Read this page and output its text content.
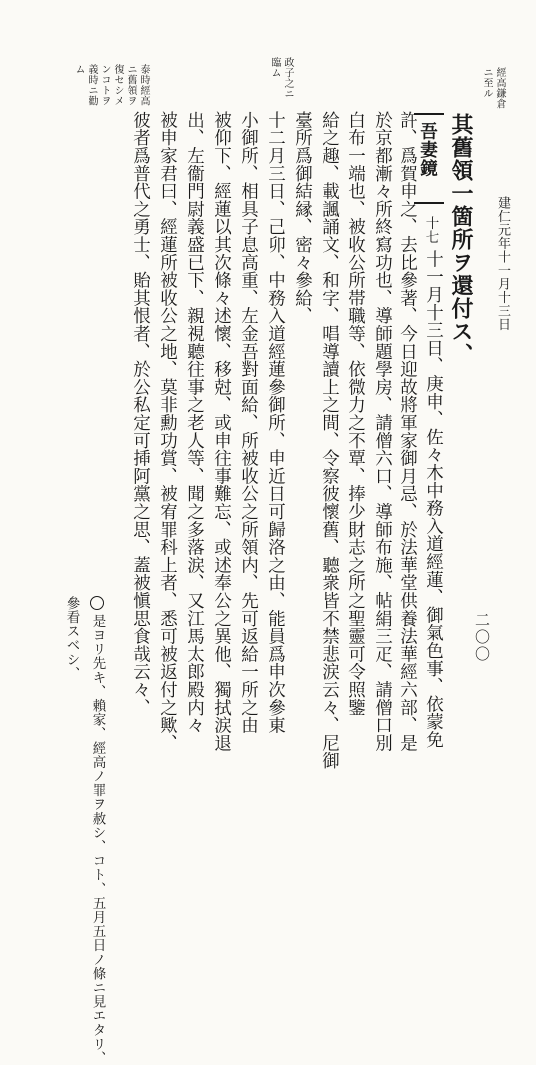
建仁元年十一月十三日
二〇〇
其舊領一箇所ヲ還付ス、
吾妻鏡
十七
十一月十三日、庚申、佐々木中務入道經蓮、御氣色事、依蒙免
許、爲賀申之、去比參著、今日迎故將軍家御月忌、於法華堂供養法華經六部、是
於京都漸々所終寫功也、導師題學房、請僧六口、導師布施、帖絹三疋、請僧口別
白布一端也、被收公所帯職等、依微力之不覃、捧少財志之所之聖靈可令照鑒
給之趣、載諷誦文、和字、唱導讀上之間、令察彼懷舊、聽衆皆不禁悲涙云々、尼御
臺所爲御結縁、密々參給、
十二月三日、己卯、中務入道經蓮參御所、申近日可歸洛之由、能員爲申次參東
小御所、相具子息高重、左金吾對面給、所被收公之所領内、先可返給一所之由
被仰下、經蓮以其次條々述懷、移尅、或申往事難忘、或述奉公之異他、獨拭涙退
出、左衞門尉義盛已下、親視聽往事之老人等、聞之多落涙、又江馬太郎殿内々
被申家君曰、經蓮所被收公之地、莫非勳功賞、被宥罪科上者、悉可被返付之歟、
彼者爲普代之勇士、貽其恨者、於公私定可揷阿黨之思、蓋被愼思食哉云々、
是ヨリ先キ、賴家、經高ノ罪ヲ赦シ、コト、五月五日ノ條ニ見エタリ、
參看スベシ、
經高鎌倉
ニ至ル
政子之ニ
臨ム
泰時經高
ニ舊領ヲ
復セシメ
ンコトヲ
義時ニ勸
ム
